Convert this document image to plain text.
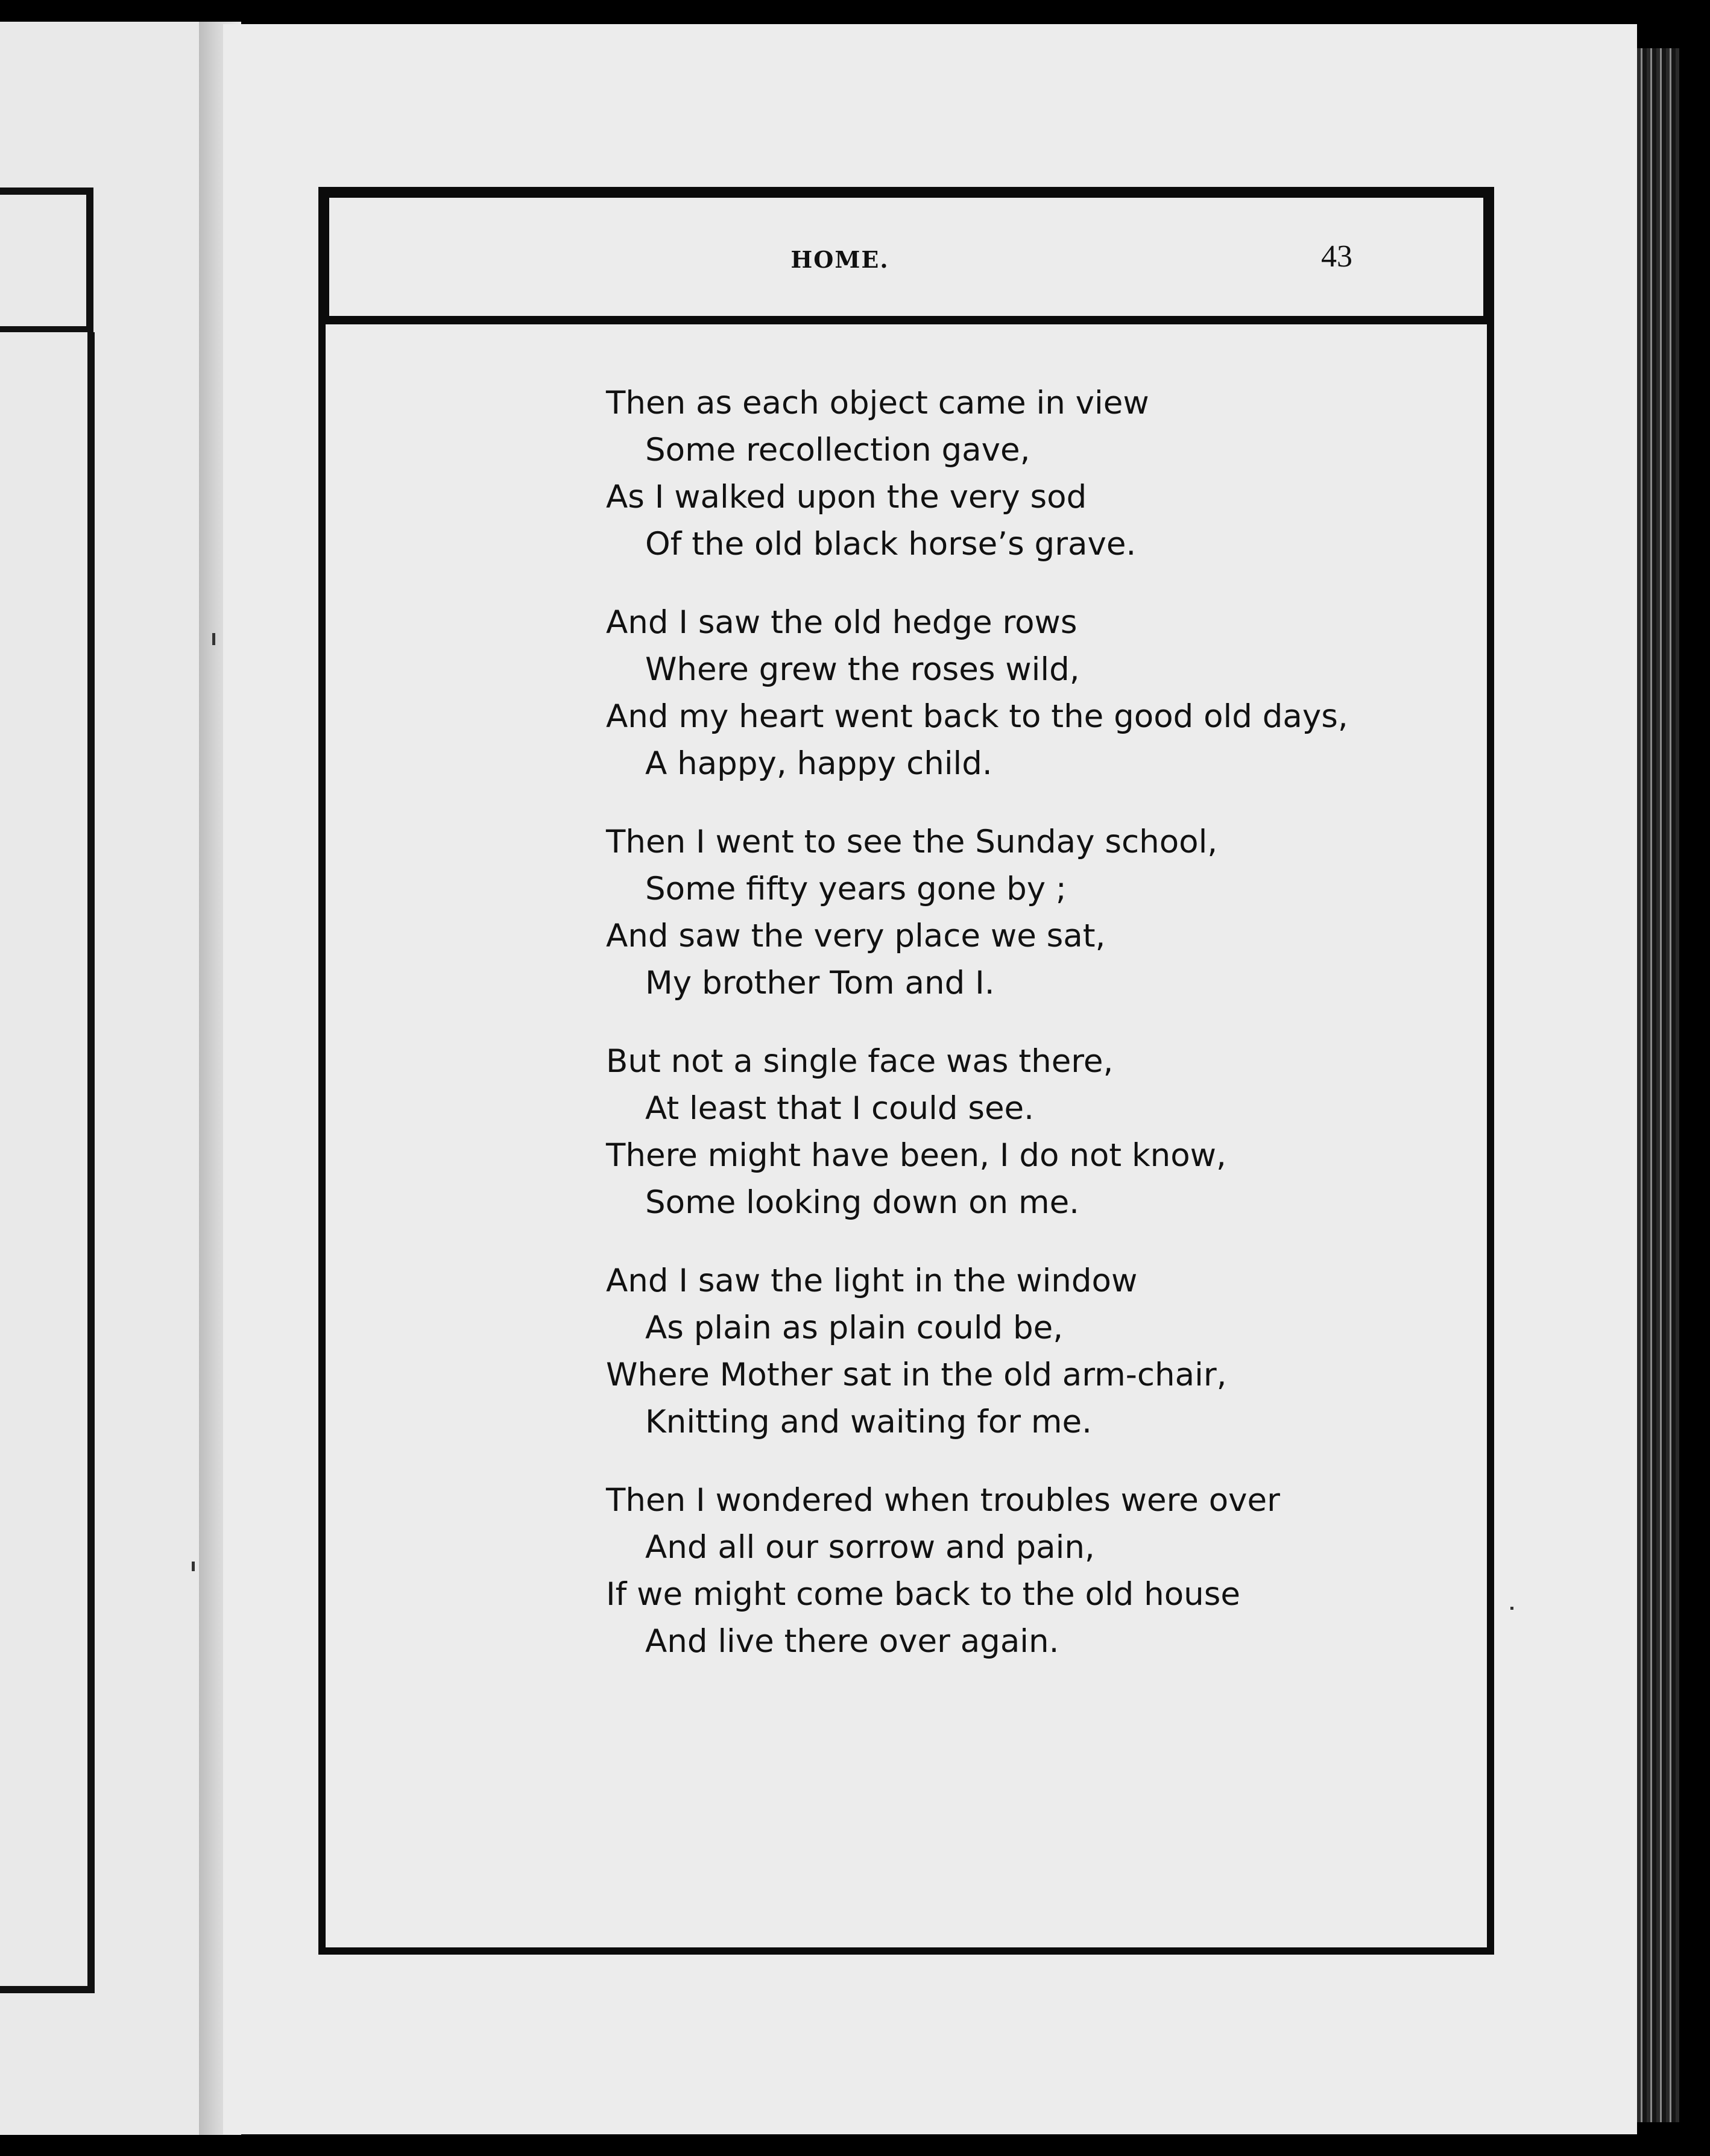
HOME.	43
Then as each object came in view
Some recollection gave,
As I walked upon the very sod
Of the old black horse’s grave.
And I saw the old hedge rows
Where grew the roses wild,
And my heart went back to the good old days,
A happy, happy child.
Then I went to see the Sunday school,
Some fifty years gone by ;
And saw the very place we sat,
My brother Tom and I.
But not a single face was there,
At least that I could see.
There might have been, I do not know,
Some looking down on me.
And I saw the light in the window
As plain as plain could be,
Where Mother sat in the old arm-chair,
Knitting and waiting for me.
Then I wondered when troubles were over
And all our sorrow and pain,
If we might come back to the old house
And live there over again.
